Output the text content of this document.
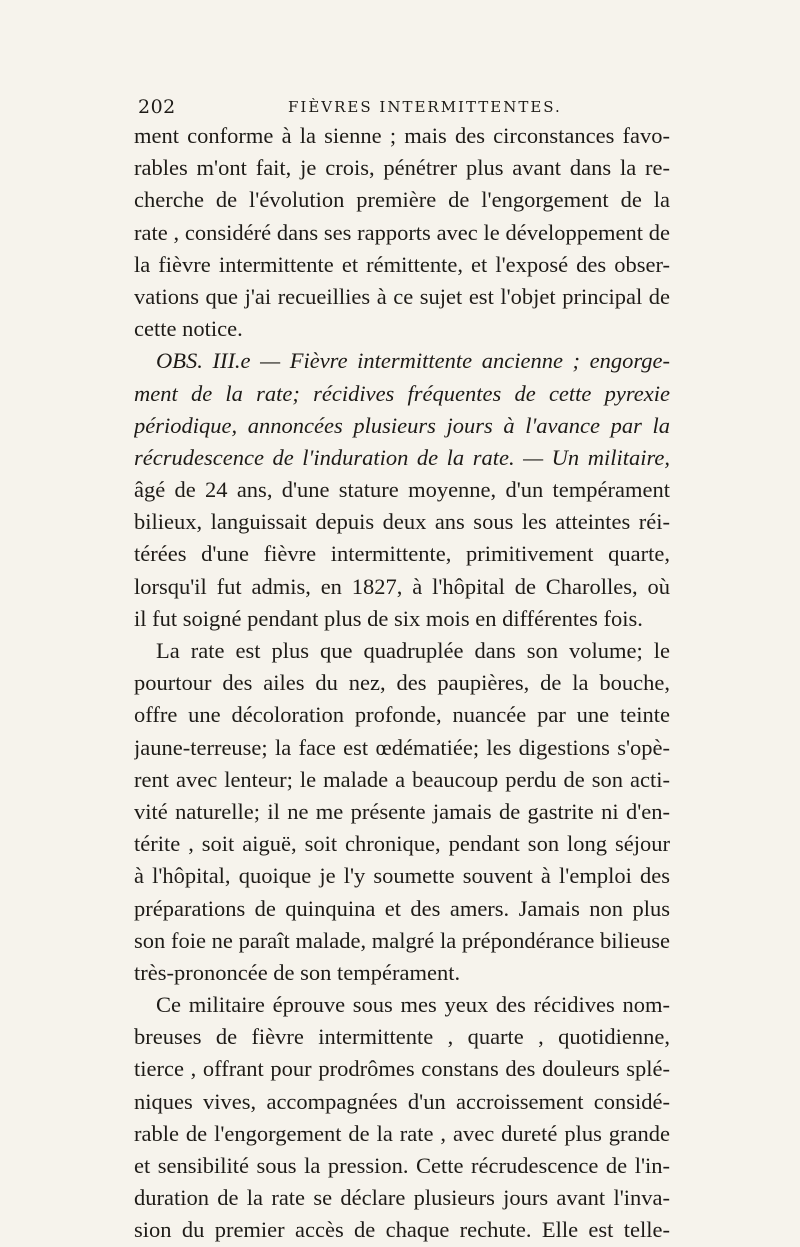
202	FIÈVRES INTERMITTENTES.
ment conforme à la sienne ; mais des circonstances favo-
rables m'ont fait, je crois, pénétrer plus avant dans la re-
cherche de l'évolution première de l'engorgement de la
rate , considéré dans ses rapports avec le développement de
la fièvre intermittente et rémittente, et l'exposé des obser-
vations que j'ai recueillies à ce sujet est l'objet principal de
cette notice.
OBS. III.e — Fièvre intermittente ancienne ; engorge-
ment de la rate; récidives fréquentes de cette pyrexie
périodique, annoncées plusieurs jours à l'avance par la
récrudescence de l'induration de la rate. — Un militaire,
âgé de 24 ans, d'une stature moyenne, d'un tempérament
bilieux, languissait depuis deux ans sous les atteintes réi-
térées d'une fièvre intermittente, primitivement quarte,
lorsqu'il fut admis, en 1827, à l'hôpital de Charolles, où
il fut soigné pendant plus de six mois en différentes fois.
La rate est plus que quadruplée dans son volume; le
pourtour des ailes du nez, des paupières, de la bouche,
offre une décoloration profonde, nuancée par une teinte
jaune-terreuse; la face est œdématiée; les digestions s'opè-
rent avec lenteur; le malade a beaucoup perdu de son acti-
vité naturelle; il ne me présente jamais de gastrite ni d'en-
térite , soit aiguë, soit chronique, pendant son long séjour
à l'hôpital, quoique je l'y soumette souvent à l'emploi des
préparations de quinquina et des amers. Jamais non plus
son foie ne paraît malade, malgré la prépondérance bilieuse
très-prononcée de son tempérament.
Ce militaire éprouve sous mes yeux des récidives nom-
breuses de fièvre intermittente , quarte , quotidienne,
tierce , offrant pour prodrômes constans des douleurs splé-
niques vives, accompagnées d'un accroissement considé-
rable de l'engorgement de la rate , avec dureté plus grande
et sensibilité sous la pression. Cette récrudescence de l'in-
duration de la rate se déclare plusieurs jours avant l'inva-
sion du premier accès de chaque rechute. Elle est telle-
